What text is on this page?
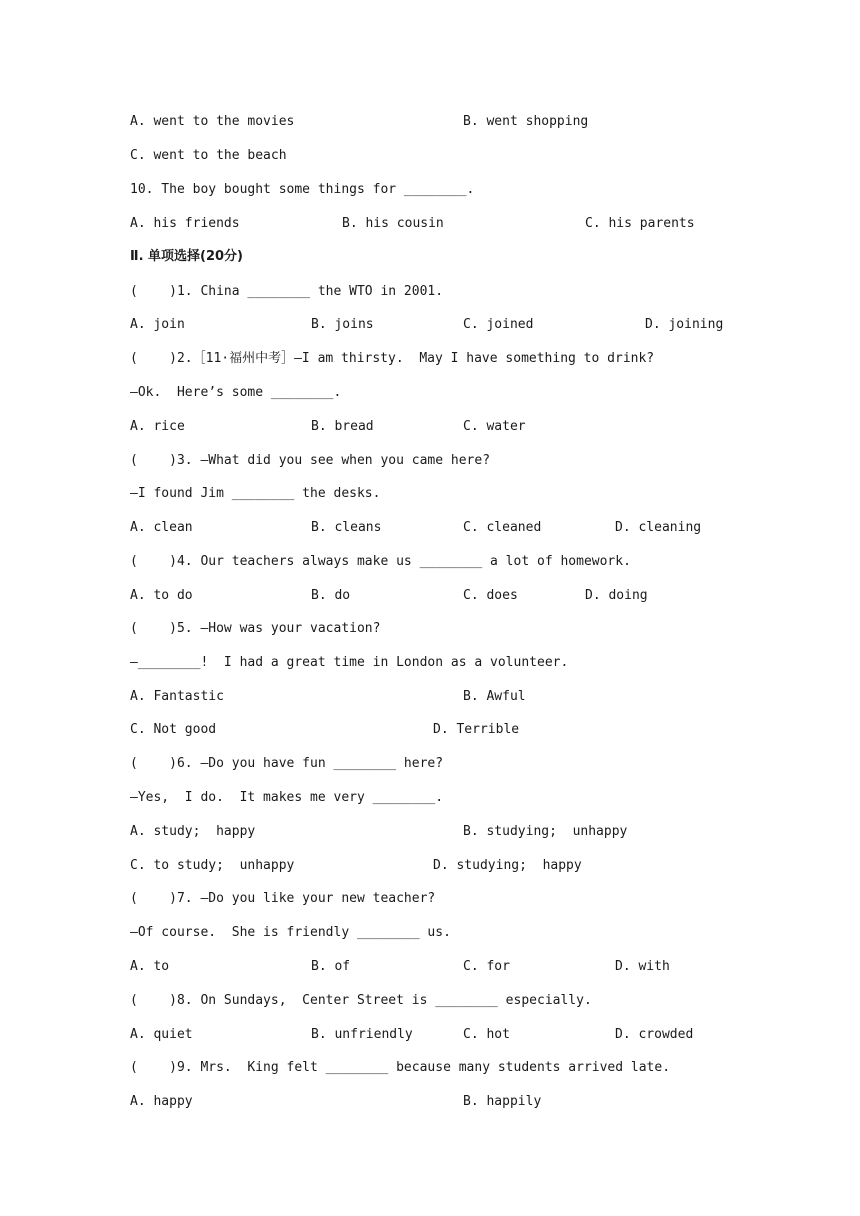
A. went to the movies	B. went shopping
C. went to the beach
10. The boy bought some things for ________.
A. his friends	B. his cousin	C. his parents
Ⅱ. 单项选择(20分)
(    )1. China ________ the WTO in 2001.
A. join	B. joins	C. joined	D. joining
(    )2.［11·福州中考］—I am thirsty.  May I have something to drink?
—Ok.  Here’s some ________.
A. rice	B. bread	C. water
(    )3. —What did you see when you came here?
—I found Jim ________ the desks.
A. clean	B. cleans	C. cleaned	D. cleaning
(    )4. Our teachers always make us ________ a lot of homework.
A. to do	B. do	C. does	D. doing
(    )5. —How was your vacation?
—________!  I had a great time in London as a volunteer.
A. Fantastic	B. Awful
C. Not good	D. Terrible
(    )6. —Do you have fun ________ here?
—Yes,  I do.  It makes me very ________.
A. study;  happy	B. studying;  unhappy
C. to study;  unhappy	D. studying;  happy
(    )7. —Do you like your new teacher?
—Of course.  She is friendly ________ us.
A. to	B. of	C. for	D. with
(    )8. On Sundays,  Center Street is ________ especially.
A. quiet	B. unfriendly	C. hot	D. crowded
(    )9. Mrs.  King felt ________ because many students arrived late.
A. happy	B. happily
